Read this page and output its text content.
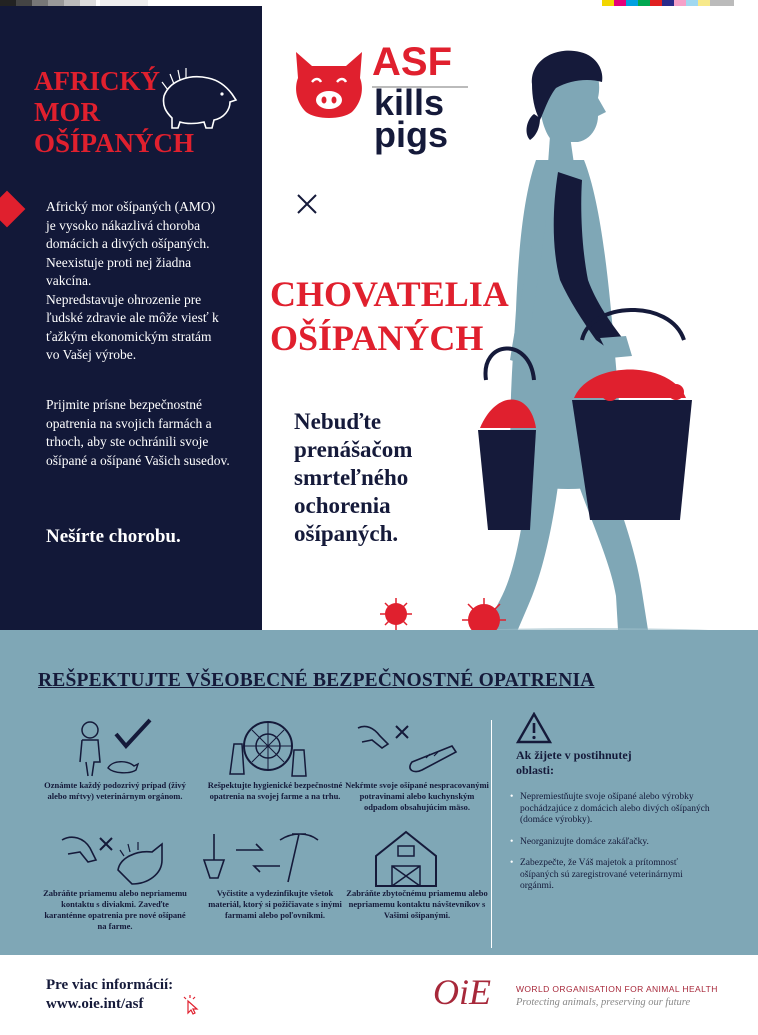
AFRICKÝ
MOR
OŠÍPANÝCH

Africký mor ošípaných (AMO)

je vysoko nákazlivá choroba

domácich a divých ošípaných.

Neexistuje proti nej žiadna

vakcína.

Nepredstavuje ohrozenie pre

ľudské zdravie ale môže viesť k

ťažkým ekonomickým stratám

vo Vašej výrobe.

Prijmite prísne bezpečnostné opatrenia na svojich farmách a trhoch, aby ste ochránili svoje ošípané a ošípané Vašich susedov.

Nešírte chorobu.

ASF
kills
pigs
CHOVATELIA
OŠÍPANÝCH

Nebuďte prenášačom smrteľného ochorenia ošípaných.

REŠPEKTUJTE VŠEOBECNÉ BEZPEČNOSTNÉ OPATRENIA

Oznámte každý podozrivý prípad (živý alebo mŕtvy) veterinárnym orgánom.

Rešpektujte hygienické bezpečnostné opatrenia na svojej farme a na trhu.

Nekŕmte svoje ošípané nespracovanými potravinami alebo kuchynským odpadom obsahujúcim mäso.

Zabráňte priamemu alebo nepriamemu kontaktu s diviakmi. Zaveďte karanténne opatrenia pre nové ošípané na farme.

Vyčistite a vydezinfikujte všetok materiál, ktorý si požičiavate s inými farmami alebo poľovníkmi.

Zabráňte zbytočnému priamemu alebo nepriamemu kontaktu návštevníkov s Vašimi ošípanými.

Ak žijete v postihnutej oblasti:

• Nepremiestňujte svoje ošípané alebo výrobky pochádzajúce z domácich alebo divých ošípaných (domáce výrobky).
• Neorganizujte domáce zakáľačky.
• Zabezpečte, že Váš majetok a prítomnosť ošípaných sú zaregistrované veterinárnymi orgánmi.

Pre viac informácií:

www.oie.int/asf	OiE	WORLD ORGANISATION FOR ANIMAL HEALTH

Protecting animals, preserving our future
